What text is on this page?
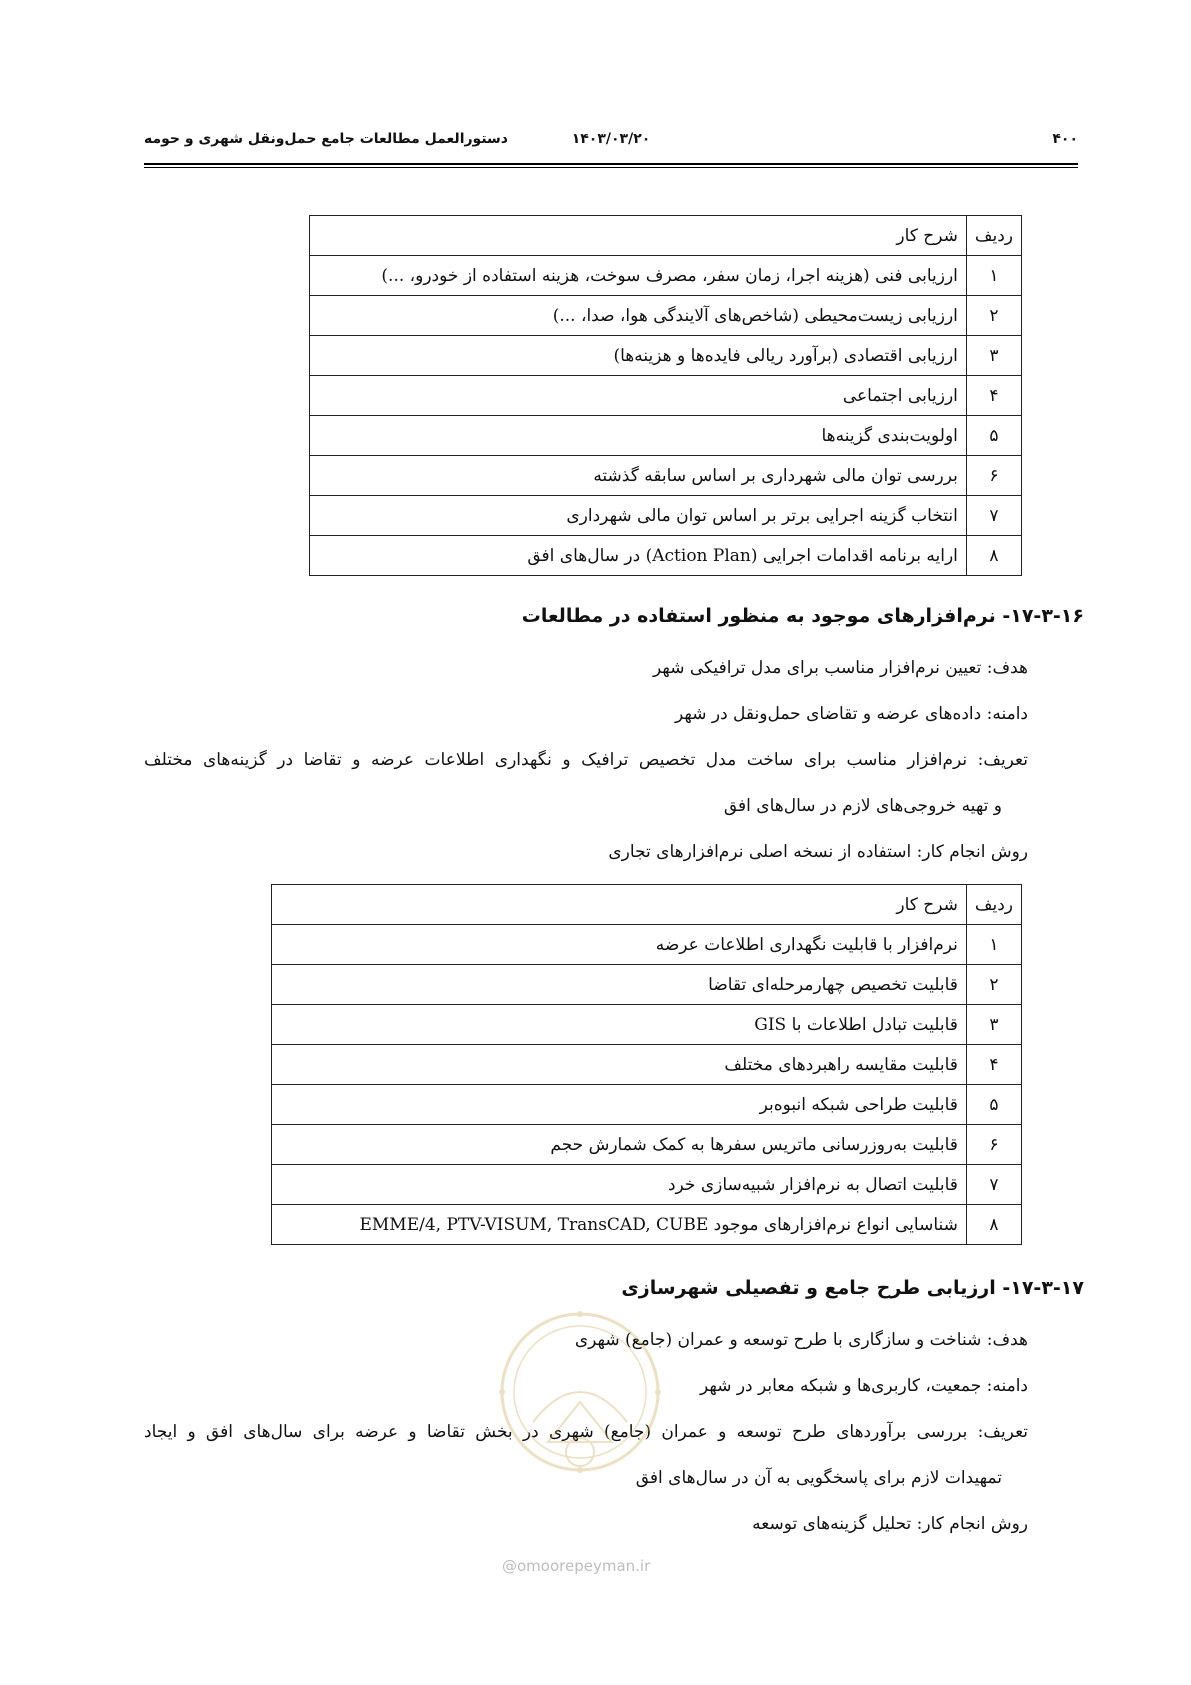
۴۰۰
۱۴۰۳/۰۳/۲۰
دستورالعمل مطالعات جامع حمل‌ونقل شهری و حومه
ردیف	شرح کار
۱	ارزیابی فنی (هزینه اجرا، زمان سفر، مصرف سوخت، هزینه استفاده از خودرو، ...)
۲	ارزیابی زیست‌محیطی (شاخص‌های آلایندگی هوا، صدا، ...)
۳	ارزیابی اقتصادی (برآورد ریالی فایده‌ها و هزینه‌ها)
۴	ارزیابی اجتماعی
۵	اولویت‌بندی گزینه‌ها
۶	بررسی توان مالی شهرداری بر اساس سابقه گذشته
۷	انتخاب گزینه اجرایی برتر بر اساس توان مالی شهرداری
۸	ارایه برنامه اقدامات اجرایی (Action Plan) در سال‌های افق
۱۷-۳-۱۶- نرم‌افزارهای موجود به منظور استفاده در مطالعات
هدف: تعیین نرم‌افزار مناسب برای مدل ترافیکی شهر
دامنه: داده‌های عرضه و تقاضای حمل‌ونقل در شهر
تعریف: نرم‌افزار مناسب برای ساخت مدل تخصیص ترافیک و نگهداری اطلاعات عرضه و تقاضا در گزینه‌های مختلف
و تهیه خروجی‌های لازم در سال‌های افق
روش انجام کار: استفاده از نسخه اصلی نرم‌افزارهای تجاری
ردیف	شرح کار
۱	نرم‌افزار با قابلیت نگهداری اطلاعات عرضه
۲	قابلیت تخصیص چهارمرحله‌ای تقاضا
۳	قابلیت تبادل اطلاعات با GIS
۴	قابلیت مقایسه راهبردهای مختلف
۵	قابلیت طراحی شبکه انبوه‌بر
۶	قابلیت به‌روزرسانی ماتریس سفرها به کمک شمارش حجم
۷	قابلیت اتصال به نرم‌افزار شبیه‌سازی خرد
۸	شناسایی انواع نرم‌افزارهای موجود EMME/4, PTV-VISUM, TransCAD, CUBE
۱۷-۳-۱۷- ارزیابی طرح جامع و تفصیلی شهرسازی
هدف: شناخت و سازگاری با طرح توسعه و عمران (جامع) شهری
دامنه: جمعیت، کاربری‌ها و شبکه معابر در شهر
تعریف: بررسی برآوردهای طرح توسعه و عمران (جامع) شهری در بخش تقاضا و عرضه برای سال‌های افق و ایجاد
تمهیدات لازم برای پاسخگویی به آن در سال‌های افق
روش انجام کار: تحلیل گزینه‌های توسعه
@omoorepeyman.ir
